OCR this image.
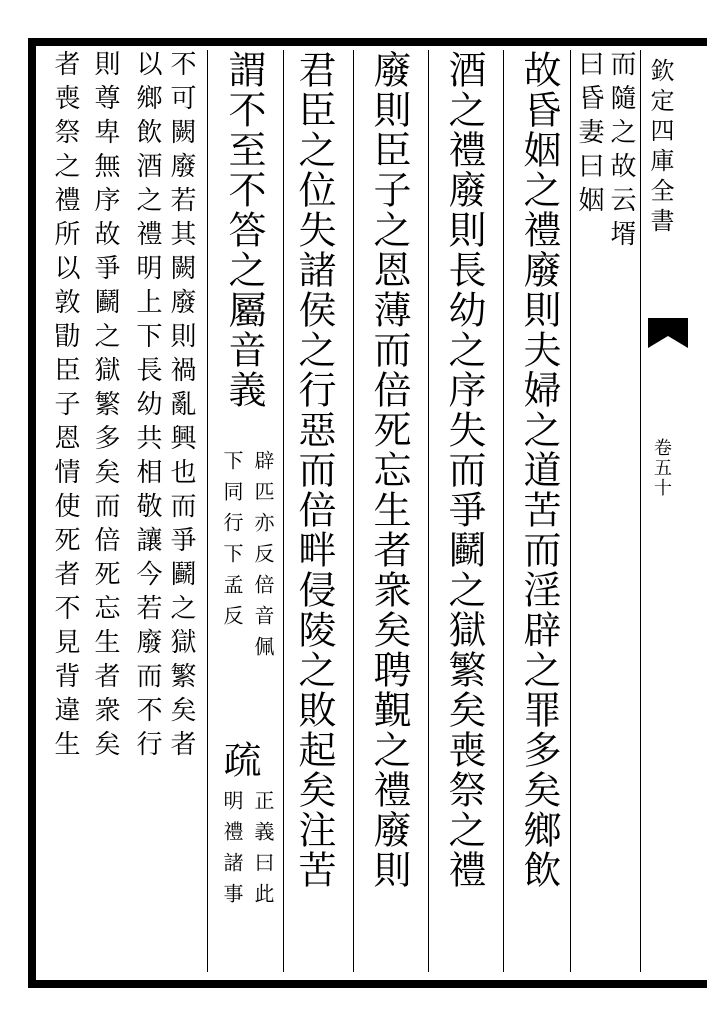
欽定四庫全書
卷五十
而隨之故云壻
曰昏妻曰姻
故昏姻之禮廢則夫婦之道苦而淫辟之罪多矣鄉飲
酒之禮廢則長幼之序失而爭鬬之獄繁矣喪祭之禮
廢則臣子之恩薄而倍死忘生者衆矣聘覲之禮廢則
君臣之位失諸侯之行惡而倍畔侵陵之敗起矣注苦
謂不至不答之屬音義
辟匹亦反倍音佩
下同行下孟反
疏
正義曰此
明禮諸事
不可闕廢若其闕廢則禍亂興也而爭鬬之獄繁矣者
以鄉飲酒之禮明上下長幼共相敬讓今若廢而不行
則尊卑無序故爭鬬之獄繁多矣而倍死忘生者衆矣
者喪祭之禮所以敦勖臣子恩情使死者不見背違生
